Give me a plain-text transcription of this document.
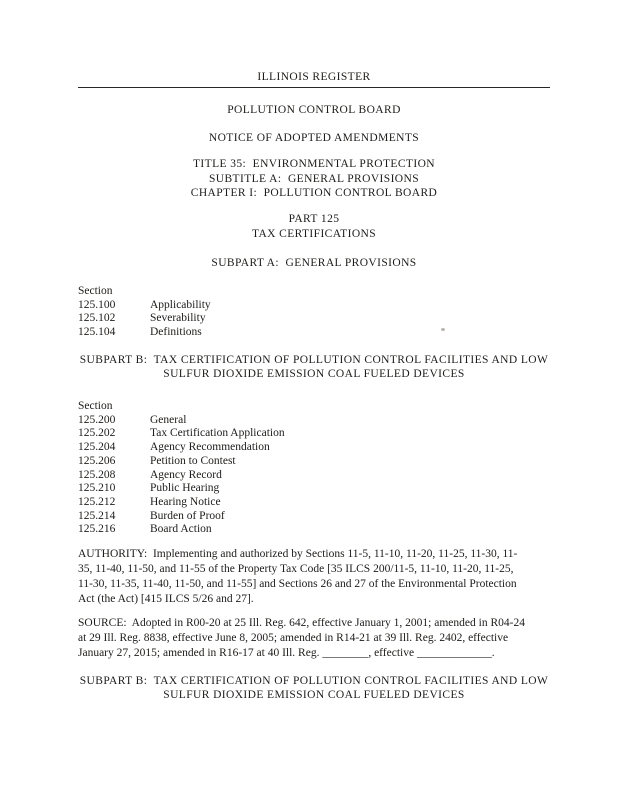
ILLINOIS REGISTER
POLLUTION CONTROL BOARD
NOTICE OF ADOPTED AMENDMENTS
TITLE 35:  ENVIRONMENTAL PROTECTION
SUBTITLE A:  GENERAL PROVISIONS
CHAPTER I:  POLLUTION CONTROL BOARD
PART 125
TAX CERTIFICATIONS
SUBPART A:  GENERAL PROVISIONS
Section
125.100	Applicability
125.102	Severability
125.104	Definitions
SUBPART B:  TAX CERTIFICATION OF POLLUTION CONTROL FACILITIES AND LOW
SULFUR DIOXIDE EMISSION COAL FUELED DEVICES
Section
125.200	General
125.202	Tax Certification Application
125.204	Agency Recommendation
125.206	Petition to Contest
125.208	Agency Record
125.210	Public Hearing
125.212	Hearing Notice
125.214	Burden of Proof
125.216	Board Action
AUTHORITY:  Implementing and authorized by Sections 11-5, 11-10, 11-20, 11-25, 11-30, 11-
35, 11-40, 11-50, and 11-55 of the Property Tax Code [35 ILCS 200/11-5, 11-10, 11-20, 11-25,
11-30, 11-35, 11-40, 11-50, and 11-55] and Sections 26 and 27 of the Environmental Protection
Act (the Act) [415 ILCS 5/26 and 27].
SOURCE:  Adopted in R00-20 at 25 Ill. Reg. 642, effective January 1, 2001; amended in R04-24
at 29 Ill. Reg. 8838, effective June 8, 2005; amended in R14-21 at 39 Ill. Reg. 2402, effective
January 27, 2015; amended in R16-17 at 40 Ill. Reg. ________, effective _____________.
SUBPART B:  TAX CERTIFICATION OF POLLUTION CONTROL FACILITIES AND LOW
SULFUR DIOXIDE EMISSION COAL FUELED DEVICES
